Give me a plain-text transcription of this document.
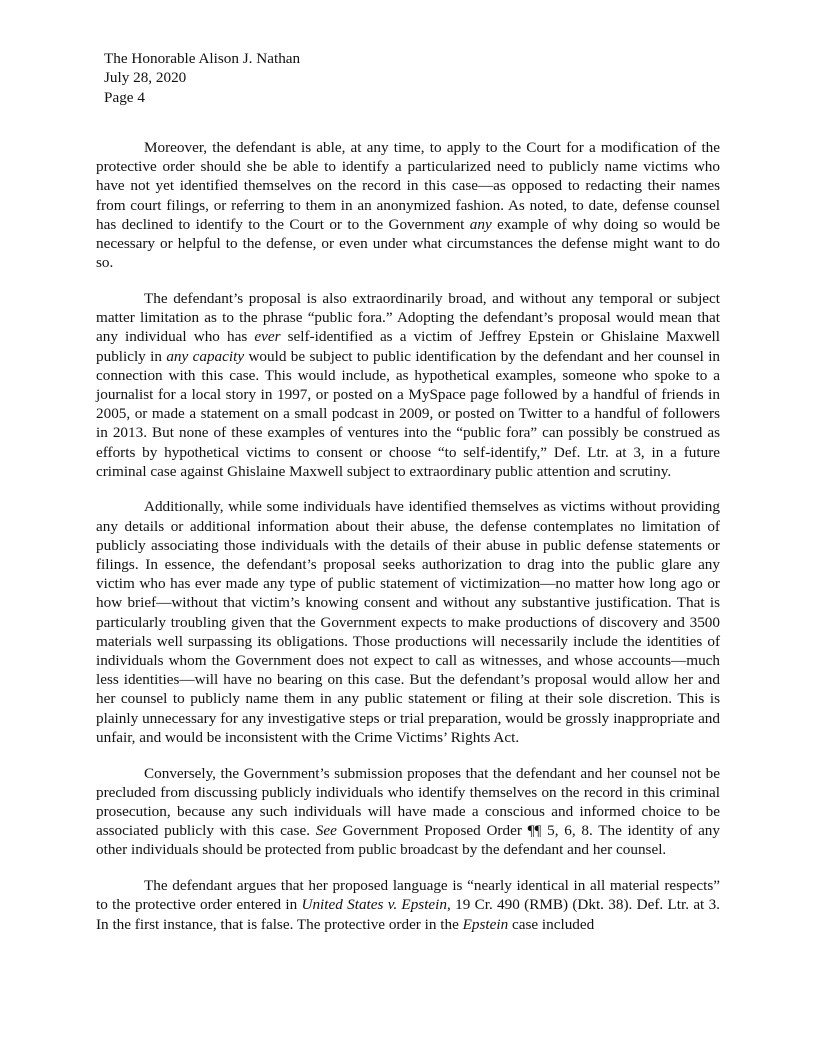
The Honorable Alison J. Nathan
July 28, 2020
Page 4

Moreover, the defendant is able, at any time, to apply to the Court for a modification of the protective order should she be able to identify a particularized need to publicly name victims who have not yet identified themselves on the record in this case—as opposed to redacting their names from court filings, or referring to them in an anonymized fashion. As noted, to date, defense counsel has declined to identify to the Court or to the Government any example of why doing so would be necessary or helpful to the defense, or even under what circumstances the defense might want to do so.

The defendant’s proposal is also extraordinarily broad, and without any temporal or subject matter limitation as to the phrase “public fora.” Adopting the defendant’s proposal would mean that any individual who has ever self-identified as a victim of Jeffrey Epstein or Ghislaine Maxwell publicly in any capacity would be subject to public identification by the defendant and her counsel in connection with this case. This would include, as hypothetical examples, someone who spoke to a journalist for a local story in 1997, or posted on a MySpace page followed by a handful of friends in 2005, or made a statement on a small podcast in 2009, or posted on Twitter to a handful of followers in 2013. But none of these examples of ventures into the “public fora” can possibly be construed as efforts by hypothetical victims to consent or choose “to self-identify,” Def. Ltr. at 3, in a future criminal case against Ghislaine Maxwell subject to extraordinary public attention and scrutiny.

Additionally, while some individuals have identified themselves as victims without providing any details or additional information about their abuse, the defense contemplates no limitation of publicly associating those individuals with the details of their abuse in public defense statements or filings. In essence, the defendant’s proposal seeks authorization to drag into the public glare any victim who has ever made any type of public statement of victimization—no matter how long ago or how brief—without that victim’s knowing consent and without any substantive justification. That is particularly troubling given that the Government expects to make productions of discovery and 3500 materials well surpassing its obligations. Those productions will necessarily include the identities of individuals whom the Government does not expect to call as witnesses, and whose accounts—much less identities—will have no bearing on this case. But the defendant’s proposal would allow her and her counsel to publicly name them in any public statement or filing at their sole discretion. This is plainly unnecessary for any investigative steps or trial preparation, would be grossly inappropriate and unfair, and would be inconsistent with the Crime Victims’ Rights Act.

Conversely, the Government’s submission proposes that the defendant and her counsel not be precluded from discussing publicly individuals who identify themselves on the record in this criminal prosecution, because any such individuals will have made a conscious and informed choice to be associated publicly with this case. See Government Proposed Order ¶¶ 5, 6, 8. The identity of any other individuals should be protected from public broadcast by the defendant and her counsel.

The defendant argues that her proposed language is “nearly identical in all material respects” to the protective order entered in United States v. Epstein, 19 Cr. 490 (RMB) (Dkt. 38). Def. Ltr. at 3. In the first instance, that is false. The protective order in the Epstein case included
